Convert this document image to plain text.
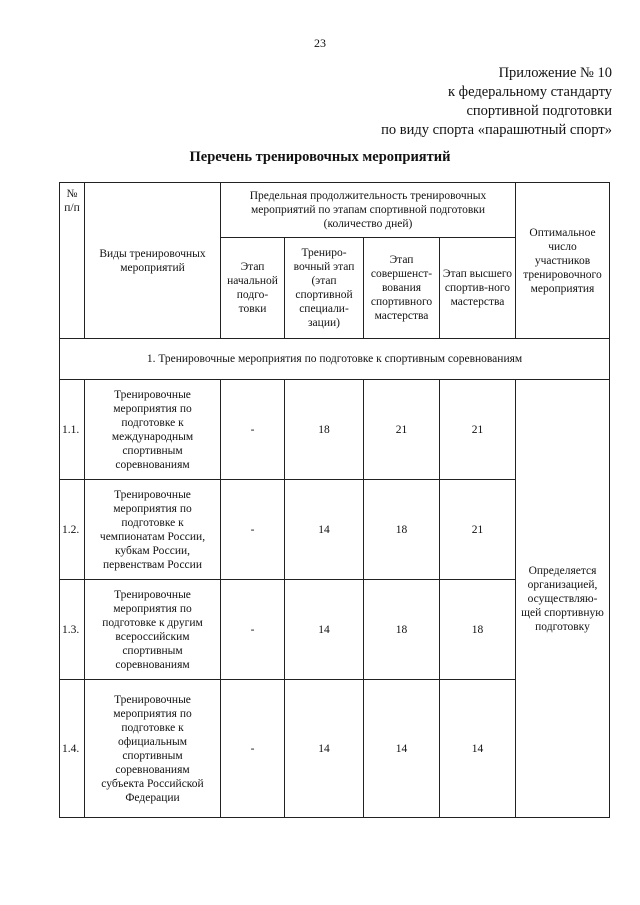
23
Приложение № 10
к федеральному стандарту
спортивной подготовки
по виду спорта «парашютный спорт»
Перечень тренировочных мероприятий
№ п/п	Виды тренировочных мероприятий	Предельная продолжительность тренировочных мероприятий по этапам спортивной подготовки (количество дней)				Оптимальное число участников тренировочного мероприятия
		Этап начальной подго-товки	Трениро-вочный этап (этап спортивной специали-зации)	Этап совершенст-вования спортивного мастерства	Этап высшего спортив-ного мастерства	
1. Тренировочные мероприятия по подготовке к спортивным соревнованиям						
1.1.	Тренировочные мероприятия по подготовке к международным спортивным соревнованиям	-	18	21	21	Определяется организацией, осуществляю-щей спортивную подготовку
1.2.	Тренировочные мероприятия по подготовке к чемпионатам России, кубкам России, первенствам России	-	14	18	21	
1.3.	Тренировочные мероприятия по подготовке к другим всероссийским спортивным соревнованиям	-	14	18	18	
1.4.	Тренировочные мероприятия по подготовке к официальным спортивным соревнованиям субъекта Российской Федерации	-	14	14	14	
